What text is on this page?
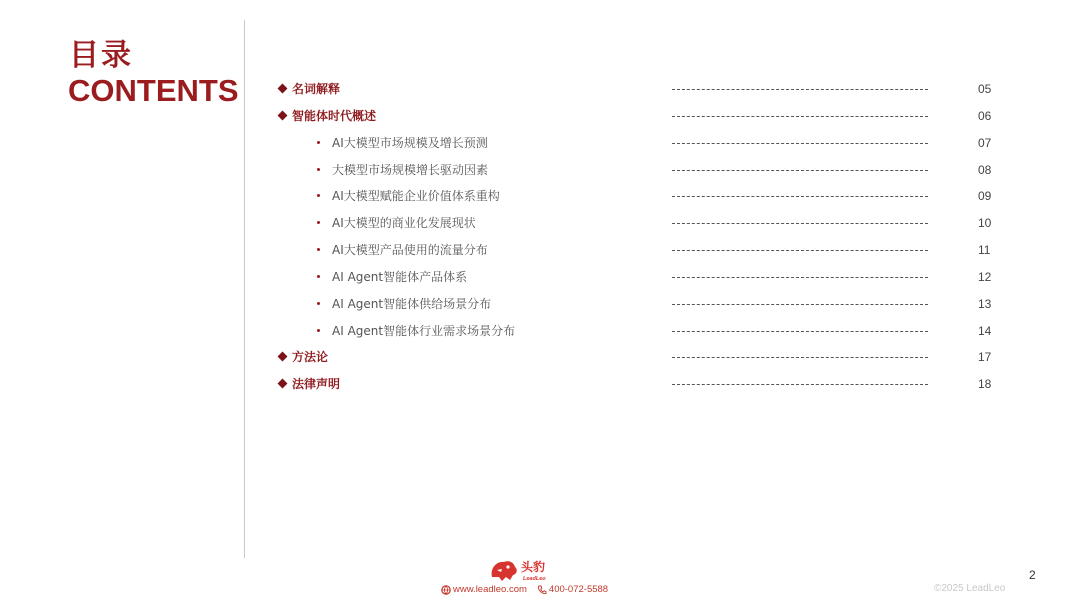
目录
CONTENTS	名词解释	05
智能体时代概述	06
AI大模型市场规模及增长预测	07
大模型市场规模增长驱动因素	08
AI大模型赋能企业价值体系重构	09
AI大模型的商业化发展现状	10
AI大模型产品使用的流量分布	11
AI Agent智能体产品体系	12
AI Agent智能体供给场景分布	13
AI Agent智能体行业需求场景分布	14
方法论	17
法律声明	18
头豹
LeadLeo
www.leadleo.com 400-072-5588	©2025 LeadLeo
2
